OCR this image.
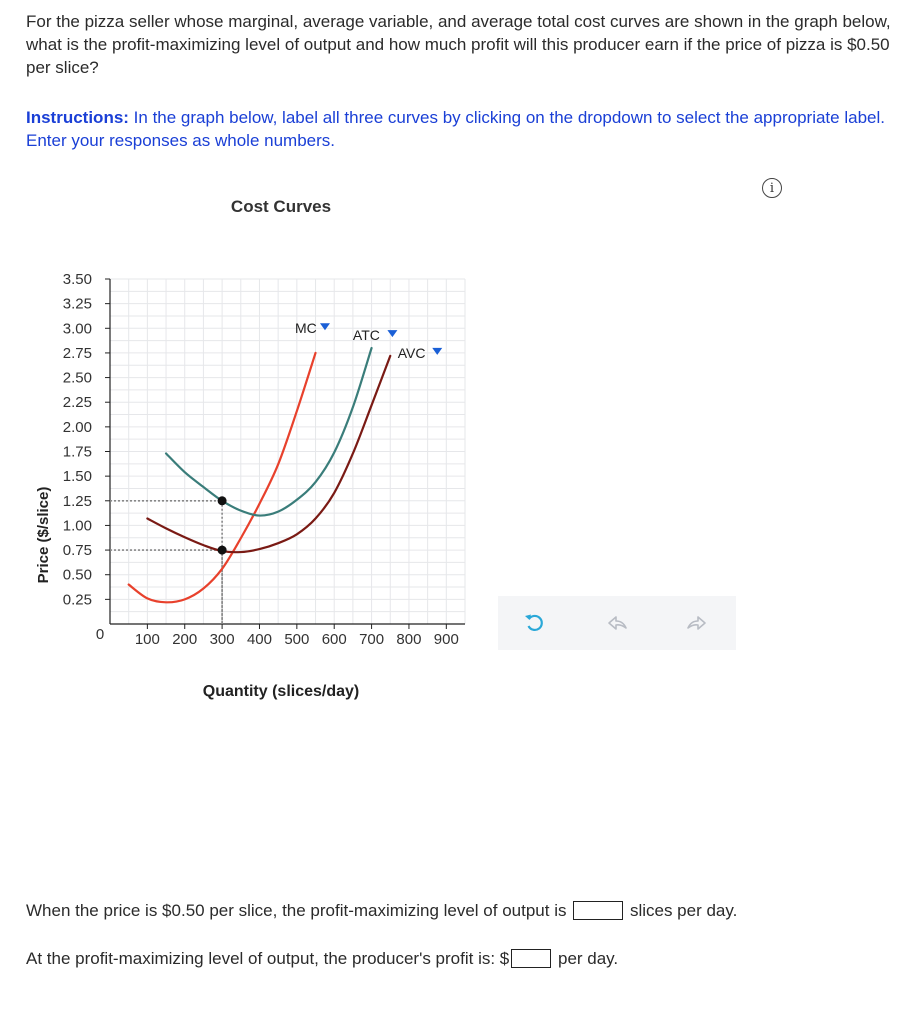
For the pizza seller whose marginal, average variable, and average total cost curves are shown in the graph below, what is the profit-maximizing level of output and how much profit will this producer earn if the price of pizza is $0.50 per slice?
Instructions: In the graph below, label all three curves by clicking on the dropdown to select the appropriate label. Enter your responses as whole numbers.
i
Cost Curves
MC	ATC
AVC
0.25
0.50
0.75
1.00
1.25
1.50
1.75
2.00
2.25
2.50
2.75
3.00
3.25
3.50
100 200 300 400 500 600 700 800 900
0
Price ($/slice)
Quantity (slices/day)
When the price is $0.50 per slice, the profit-maximizing level of output is	slices per day.
At the profit-maximizing level of output, the producer's profit is: $	per day.
